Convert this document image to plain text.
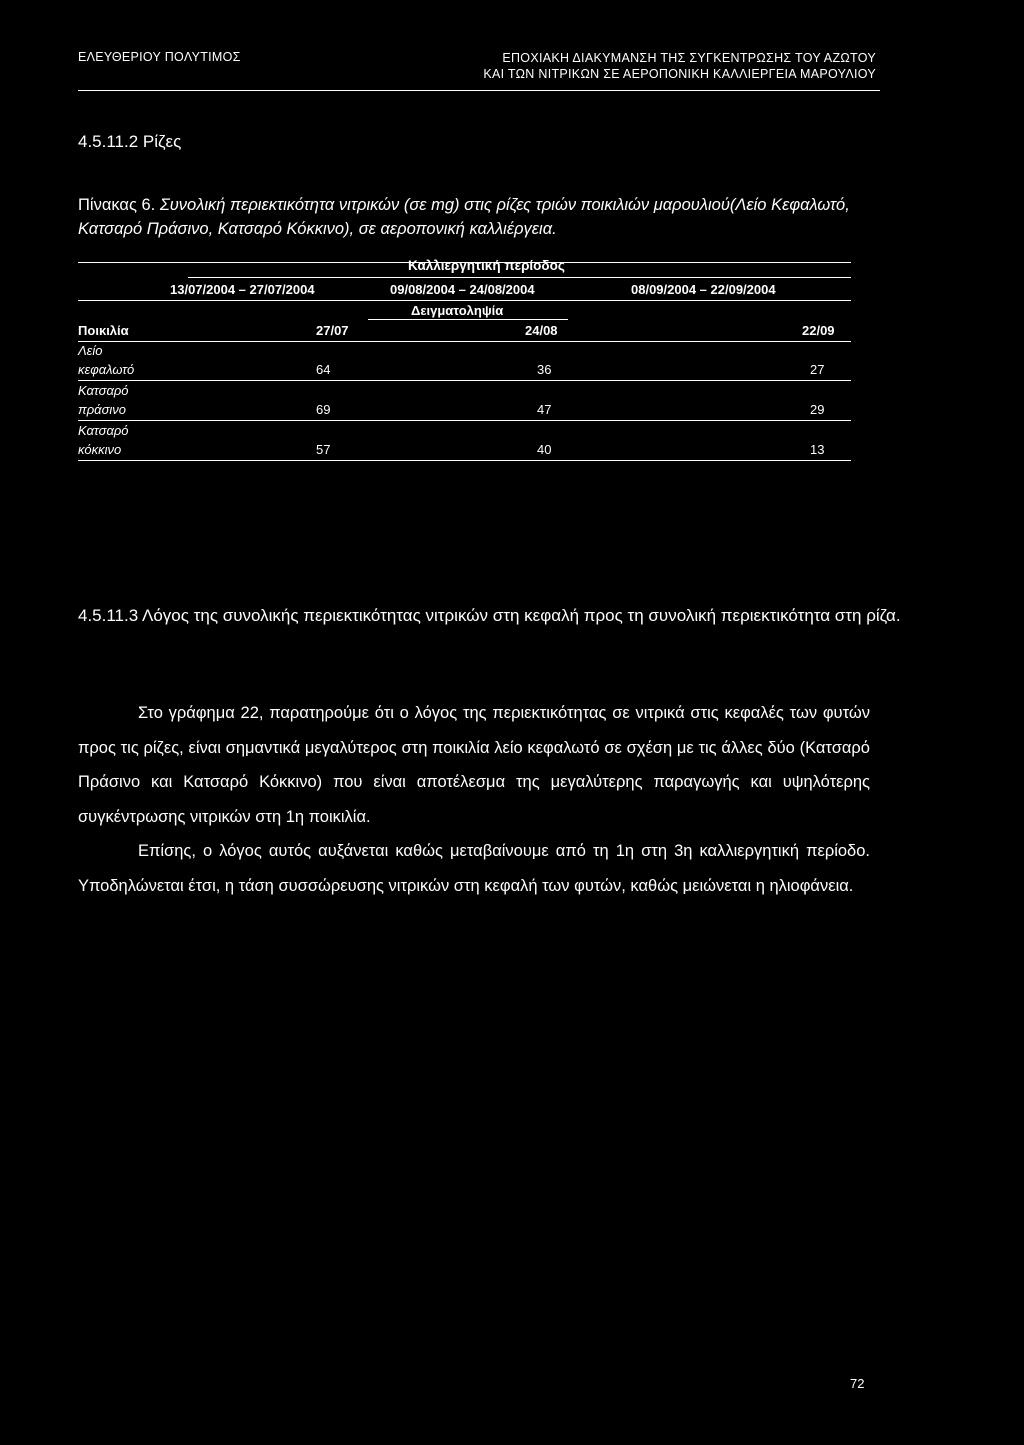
ΕΛΕΥΘΕΡΙΟΥ ΠΟΛΥΤΙΜΟΣ	ΕΠΟΧΙΑΚΗ ΔΙΑΚΥΜΑΝΣΗ ΤΗΣ ΣΥΓΚΕΝΤΡΩΣΗΣ ΤΟΥ ΑΖΩΤΟΥ
ΚΑΙ ΤΩΝ ΝΙΤΡΙΚΩΝ ΣΕ ΑΕΡΟΠΟΝΙΚΗ ΚΑΛΛΙΕΡΓΕΙΑ ΜΑΡΟΥΛΙΟΥ
4.5.11.2 Ρίζες
Πίνακας 6. Συνολική περιεκτικότητα νιτρικών (σε mg) στις ρίζες τριών ποικιλιών μαρουλιού(Λείο Κεφαλωτό, Κατσαρό Πράσινο, Κατσαρό Κόκκινο), σε αεροπονική καλλιέργεια.
Καλλιεργητική περίοδος
13/07/2004 – 27/07/2004	09/08/2004 – 24/08/2004	08/09/2004 – 22/09/2004
Δειγματοληψία
Ποικιλία	27/07	24/08	22/09
Λείο
κεφαλωτό	64	36	27
Κατσαρό
πράσινο	69	47	29
Κατσαρό
κόκκινο	57	40	13
4.5.11.3 Λόγος της συνολικής περιεκτικότητας νιτρικών στη κεφαλή προς τη συνολική περιεκτικότητα στη ρίζα.

Στο γράφημα 22, παρατηρούμε ότι ο λόγος της περιεκτικότητας σε νιτρικά στις κεφαλές των φυτών προς τις ρίζες, είναι σημαντικά μεγαλύτερος στη ποικιλία λείο κεφαλωτό σε σχέση με τις άλλες δύο (Κατσαρό Πράσινο και Κατσαρό Κόκκινο) που είναι αποτέλεσμα της μεγαλύτερης παραγωγής και υψηλότερης συγκέντρωσης νιτρικών στη 1η ποικιλία.

Επίσης, ο λόγος αυτός αυξάνεται καθώς μεταβαίνουμε από τη 1η στη 3η καλλιεργητική περίοδο. Υποδηλώνεται έτσι, η τάση συσσώρευσης νιτρικών στη κεφαλή των φυτών, καθώς μειώνεται η ηλιοφάνεια.

72
